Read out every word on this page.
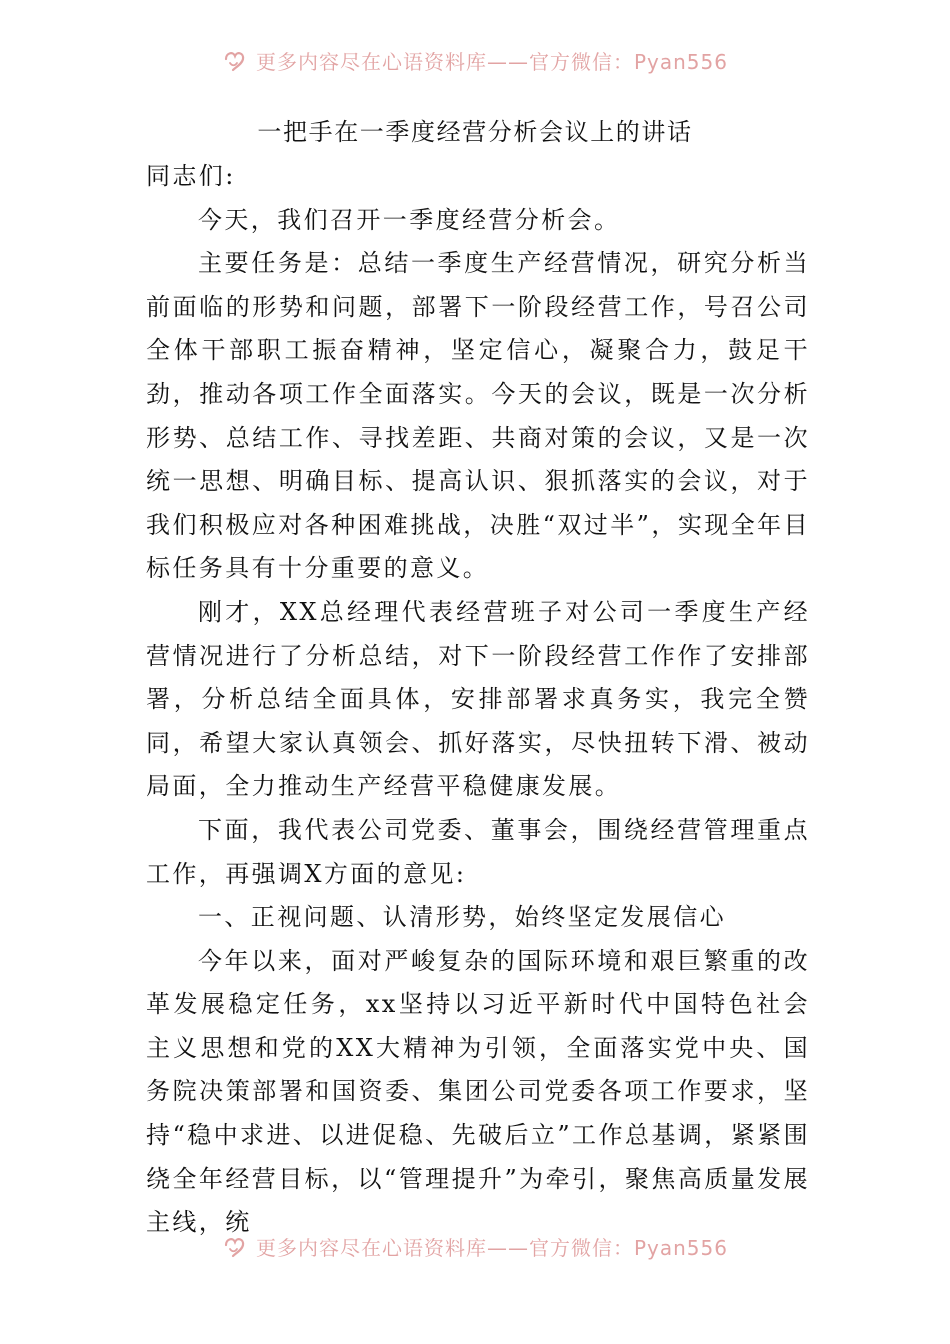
更多内容尽在心语资料库——官方微信：Pyan556
一把手在一季度经营分析会议上的讲话

同志们:

今天，我们召开一季度经营分析会。

主要任务是：总结一季度生产经营情况，研究分析当前面临的形势和问题，部署下一阶段经营工作，号召公司全体干部职工振奋精神，坚定信心，凝聚合力，鼓足干劲，推动各项工作全面落实。今天的会议，既是一次分析形势、总结工作、寻找差距、共商对策的会议，又是一次统一思想、明确目标、提高认识、狠抓落实的会议，对于我们积极应对各种困难挑战，决胜“双过半”，实现全年目标任务具有十分重要的意义。

刚才，XX总经理代表经营班子对公司一季度生产经营情况进行了分析总结，对下一阶段经营工作作了安排部署，分析总结全面具体，安排部署求真务实，我完全赞同，希望大家认真领会、抓好落实，尽快扭转下滑、被动局面，全力推动生产经营平稳健康发展。

下面，我代表公司党委、董事会，围绕经营管理重点工作，再强调X方面的意见:

一、正视问题、认清形势，始终坚定发展信心

今年以来，面对严峻复杂的国际环境和艰巨繁重的改革发展稳定任务，xx坚持以习近平新时代中国特色社会主义思想和党的XX大精神为引领，全面落实党中央、国务院决策部署和国资委、集团公司党委各项工作要求，坚持“稳中求进、以进促稳、先破后立”工作总基调，紧紧围绕全年经营目标，以“管理提升”为牵引，聚焦高质量发展主线，统

更多内容尽在心语资料库——官方微信：Pyan556
